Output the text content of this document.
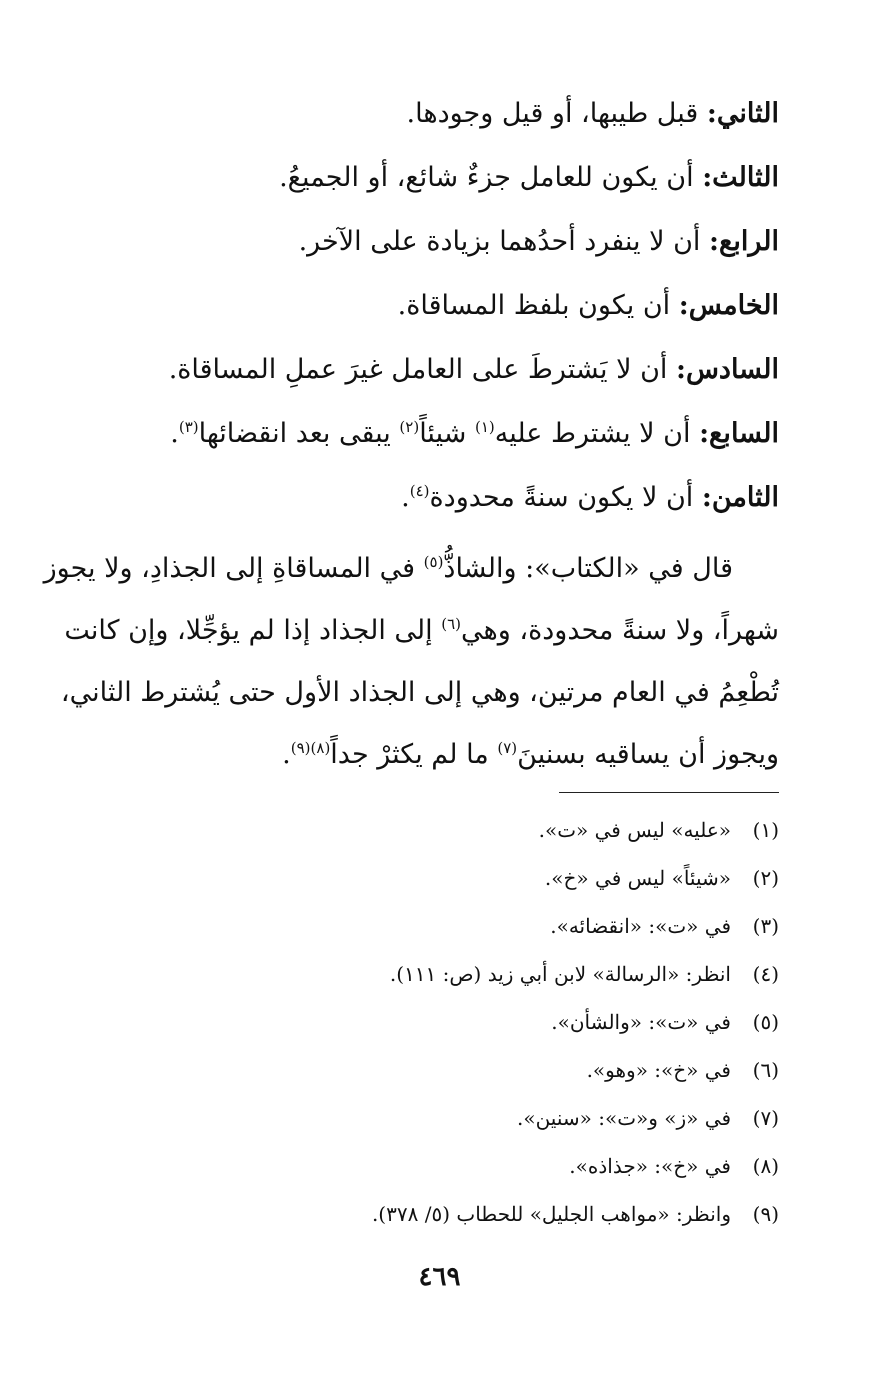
الثاني: قبل طيبها، أو قيل وجودها.
الثالث: أن يكون للعامل جزءٌ شائع، أو الجميعُ.
الرابع: أن لا ينفرد أحدُهما بزيادة على الآخر.
الخامس: أن يكون بلفظ المساقاة.
السادس: أن لا يَشترطَ على العامل غيرَ عملِ المساقاة.
السابع: أن لا يشترط عليه$^{(١)}$ شيئاً$^{(٢)}$ يبقى بعد انقضائها$^{(٣)}$.
الثامن: أن لا يكون سنةً محدودة$^{(٤)}$.
قال في «الكتاب»: والشاذُّ$^{(٥)}$ في المساقاةِ إلى الجذادِ، ولا يجوز
شهراً، ولا سنةً محدودة، وهي$^{(٦)}$ إلى الجذاد إذا لم يؤجِّلا، وإن كانت
تُطْعِمُ في العام مرتين، وهي إلى الجذاد الأول حتى يُشترط الثاني،
ويجوز أن يساقيه بسنينَ$^{(٧)}$ ما لم يكثرْ جداً$^{(٨)(٩)}$.
(١)«عليه» ليس في «ت».
(٢)«شيئاً» ليس في «خ».
(٣)في «ت»: «انقضائه».
(٤)انظر: «الرسالة» لابن أبي زيد (ص: ١١١).
(٥)في «ت»: «والشأن».
(٦)في «خ»: «وهو».
(٧)في «ز» و«ت»: «سنين».
(٨)في «خ»: «جذاذه».
(٩)وانظر: «مواهب الجليل» للحطاب (٥/ ٣٧٨).
٤٦٩
